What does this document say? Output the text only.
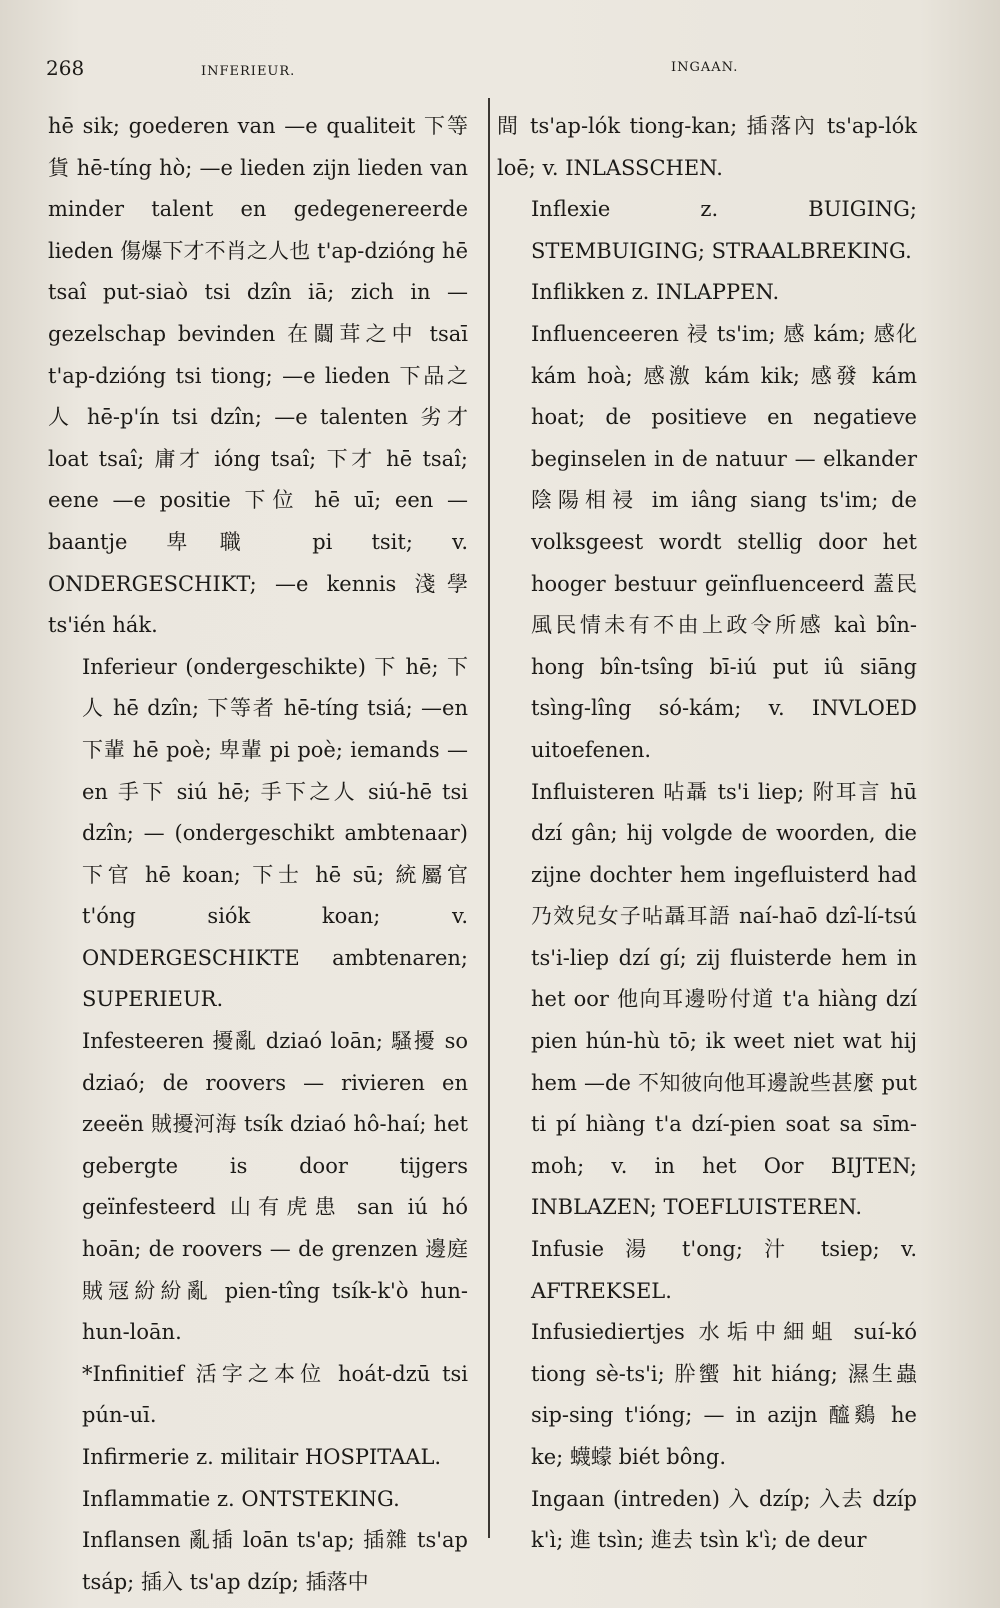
268	INFERIEUR.	INGAAN.

hē sik; goederen van —e qualiteit 下等 貨 hē-tíng hò; —e lieden zijn lieden van minder talent en gedegenereerde lieden 傷爆下才不肖之人也 t'ap-dzióng hē tsaî put-siaò tsi dzîn iā; zich in — gezelschap bevinden 在闒茸之中 tsaī t'ap-dzióng tsi tiong; —e lieden 下品之人 hē-p'ín tsi dzîn; —e talenten 劣才 loat tsaî; 庸才 ióng tsaî; 下才 hē tsaî; eene —e positie 下位 hē uī; een — baantje 卑職 pi tsit; v. ONDERGESCHIKT; —e kennis 淺學 ts'ién hák.

Inferieur (ondergeschikte) 下 hē; 下人 hē dzîn; 下等者 hē-tíng tsiá; —en 下輩 hē poè; 卑輩 pi poè; iemands —en 手下 siú hē; 手下之人 siú-hē tsi dzîn; — (ondergeschikt ambtenaar) 下官 hē koan; 下士 hē sū; 統屬官 t'óng siók koan; v. ONDERGESCHIKTE ambtenaren; SUPERIEUR.

Infesteeren 擾亂 dziaó loān; 騷擾 so dziaó; de roovers — rivieren en zeeën 賊擾河海 tsík dziaó hô-haí; het gebergte is door tijgers geïnfesteerd 山有虎患 san iú hó hoān; de roovers — de grenzen 邊庭賊冦紛紛亂 pien-tîng tsík-k'ò hun-hun-loān.

*Infinitief 活字之本位 hoát-dzū tsi pún-uī.

Infirmerie z. militair HOSPITAAL.

Inflammatie z. ONTSTEKING.

Inflansen 亂插 loān ts'ap; 插雜 ts'ap tsáp; 插入 ts'ap dzíp; 插落中

間 ts'ap-lók tiong-kan; 插落內 ts'ap-lók loē; v. INLASSCHEN.

Inflexie z. BUIGING; STEMBUIGING; STRAALBREKING.

Inflikken z. INLAPPEN.

Influenceeren 祲 ts'im; 感 kám; 感化 kám hoà; 感激 kám kik; 感發 kám hoat; de positieve en negatieve beginselen in de natuur — elkander 陰陽相祲 im iâng siang ts'im; de volksgeest wordt stellig door het hooger bestuur geïnfluenceerd 蓋民風民情未有不由上政令所感 kaì bîn-hong bîn-tsîng bī-iú put iû siāng tsìng-lîng só-kám; v. INVLOED uitoefenen.

Influisteren 呫聶 ts'i liep; 附耳言 hū dzí gân; hij volgde de woorden, die zijne dochter hem ingefluisterd had 乃效兒女子呫聶耳語 naí-haō dzî-lí-tsú ts'i-liep dzí gí; zij fluisterde hem in het oor 他向耳邊吩付道 t'a hiàng dzí pien hún-hù tō; ik weet niet wat hij hem —de 不知彼向他耳邊說些甚麼 put ti pí hiàng t'a dzí-pien soat sa sīm-moh; v. in het Oor BIJTEN; INBLAZEN; TOEFLUISTEREN.

Infusie 湯 t'ong; 汁 tsiep; v. AFTREKSEL.

Infusiediertjes 水垢中細蛆 suí-kó tiong sè-ts'i; 肸蠁 hit hiáng; 濕生蟲 sip-sing t'ióng; — in azijn 醯鷄 he ke; 蠛蠓 biét bông.

Ingaan (intreden) 入 dzíp; 入去 dzíp k'ì; 進 tsìn; 進去 tsìn k'ì; de deur
